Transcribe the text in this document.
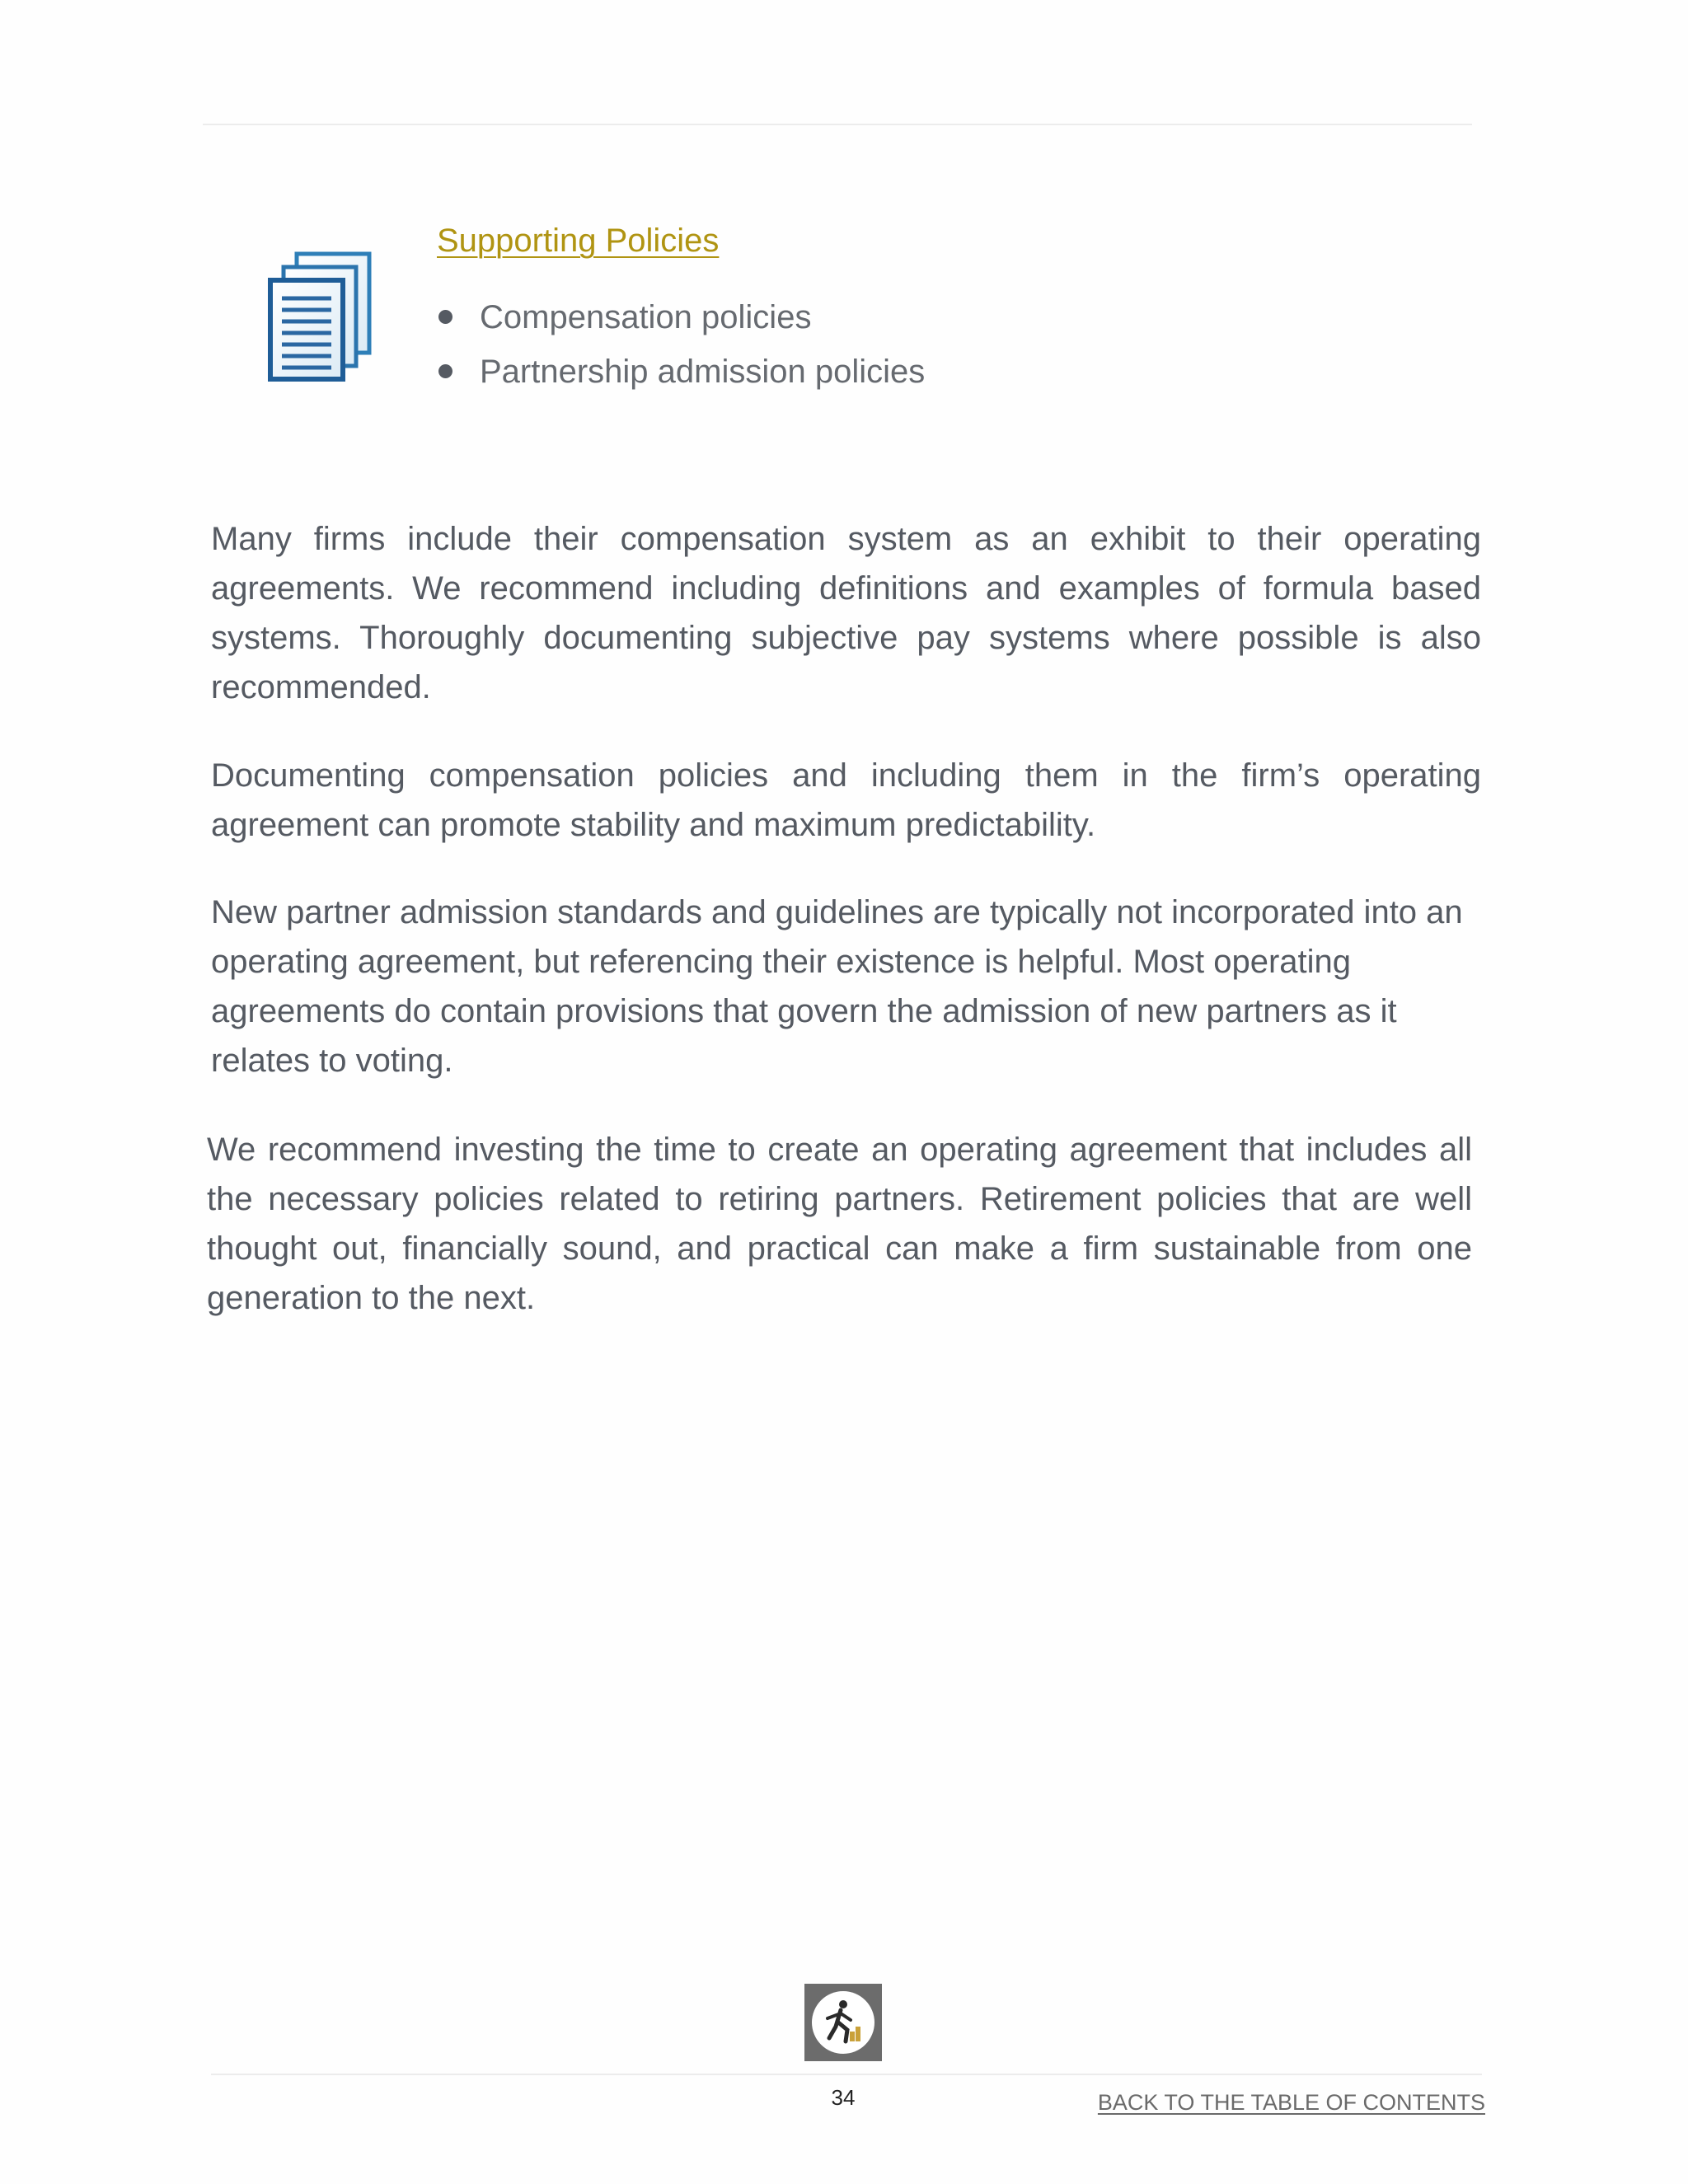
Supporting Policies
Compensation policies
Partnership admission policies

Many firms include their compensation system as an exhibit to their operating agreements. We recommend including definitions and examples of formula based systems. Thoroughly documenting subjective pay systems where possible is also recommended.

Documenting compensation policies and including them in the firm’s operating agreement can promote stability and maximum predictability.

New partner admission standards and guidelines are typically not incorporated into an operating agreement, but referencing their existence is helpful. Most operating agreements do contain provisions that govern the admission of new partners as it relates to voting.

We recommend investing the time to create an operating agreement that includes all the necessary policies related to retiring partners. Retirement policies that are well thought out, financially sound, and practical can make a firm sustainable from one generation to the next.

34	BACK TO THE TABLE OF CONTENTS
